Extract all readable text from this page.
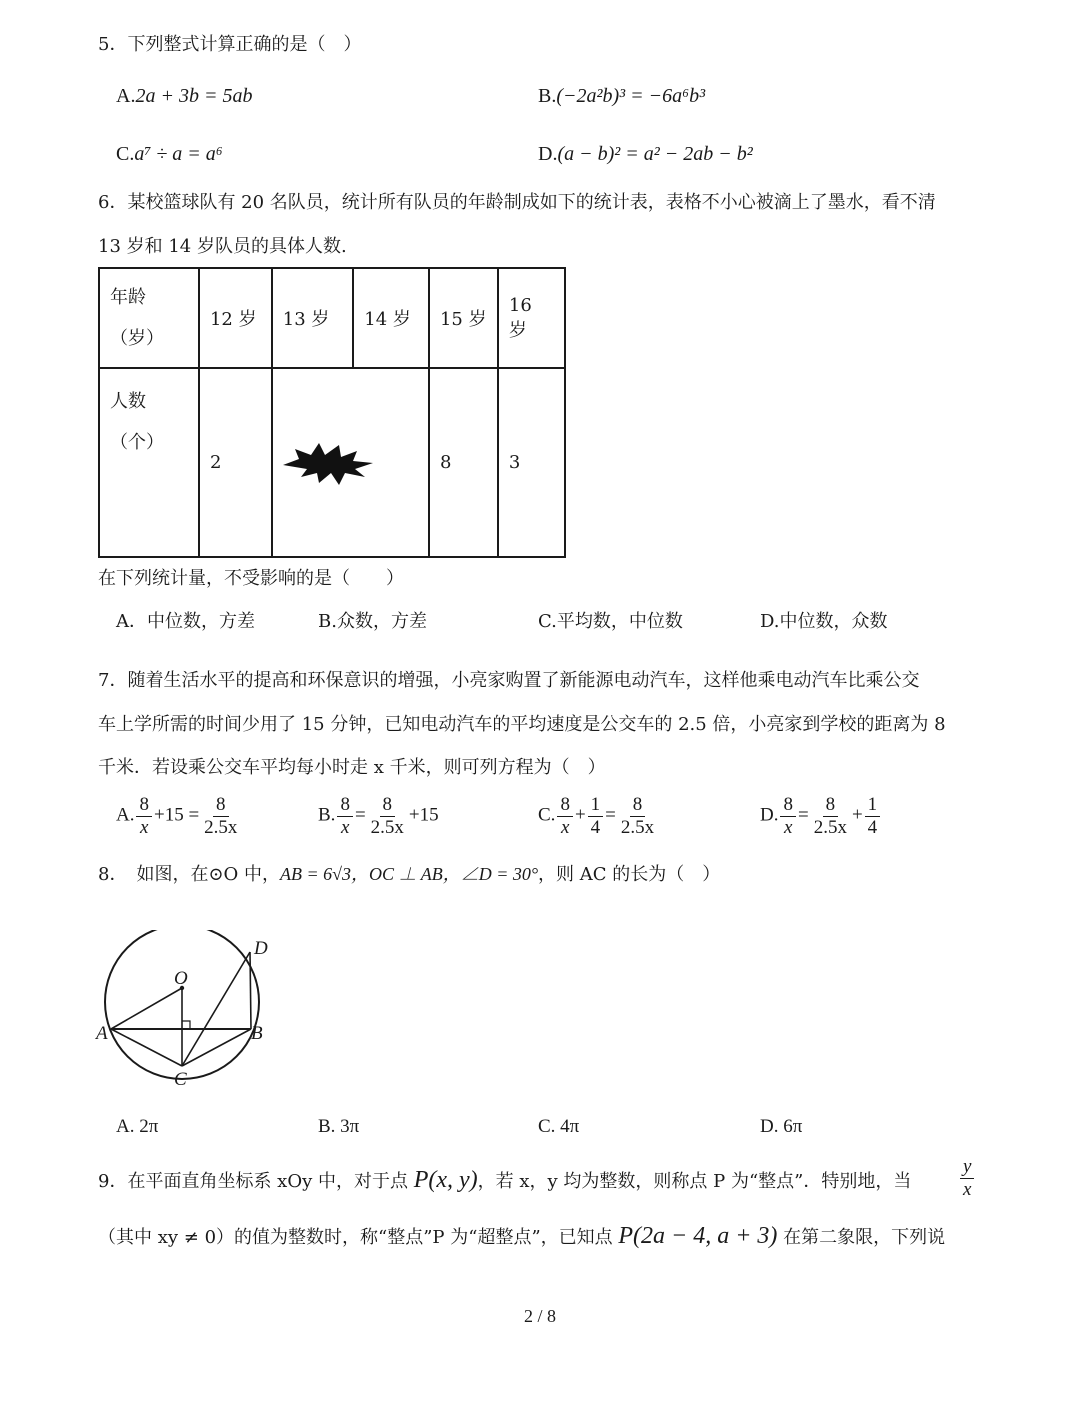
5．下列整式计算正确的是（　）
A.2a + 3b = 5ab	B.(−2a²b)³ = −6a⁶b³
C.a⁷ ÷ a = a⁶	D.(a − b)² = a² − 2ab − b²
6．某校篮球队有 20 名队员，统计所有队员的年龄制成如下的统计表，表格不小心被滴上了墨水，看不清
13 岁和 14 岁队员的具体人数.
年龄
（岁）	12 岁	13 岁	14 岁	15 岁	16 岁

人数
（个）	2			8	3
在下列统计量，不受影响的是（　　）
A．中位数，方差	B.众数，方差	C.平均数，中位数	D.中位数，众数
7．随着生活水平的提高和环保意识的增强，小亮家购置了新能源电动汽车，这样他乘电动汽车比乘公交
车上学所需的时间少用了 15 分钟，已知电动汽车的平均速度是公交车的 2.5 倍，小亮家到学校的距离为 8
千米．若设乘公交车平均每小时走 x 千米，则可列方程为（　）
A. $\frac{8}{x} +15 = \frac{8}{2.5x}$	B. $\frac{8}{x} = \frac{8}{2.5x} +15$	C. $\frac{8}{x} + \frac{1}{4} = \frac{8}{2.5x}$	D. $\frac{8}{x} = \frac{8}{2.5x} + \frac{1}{4}$
8．　如图，在⊙O 中，AB = 6√3，OC ⊥ AB，∠D = 30°，则 AC 的长为（　）
O
A	B
C
D
A. 2π	B. 3π	C. 4π	D. 6π
9．在平面直角坐标系 xOy 中，对于点 P(x, y)，若 x，y 均为整数，则称点 P 为“整点”．特别地，当	$\frac{y}{x}$
（其中 xy ≠ 0）的值为整数时，称“整点”P 为“超整点”，已知点 P(2a − 4, a + 3) 在第二象限，下列说
2 / 8
